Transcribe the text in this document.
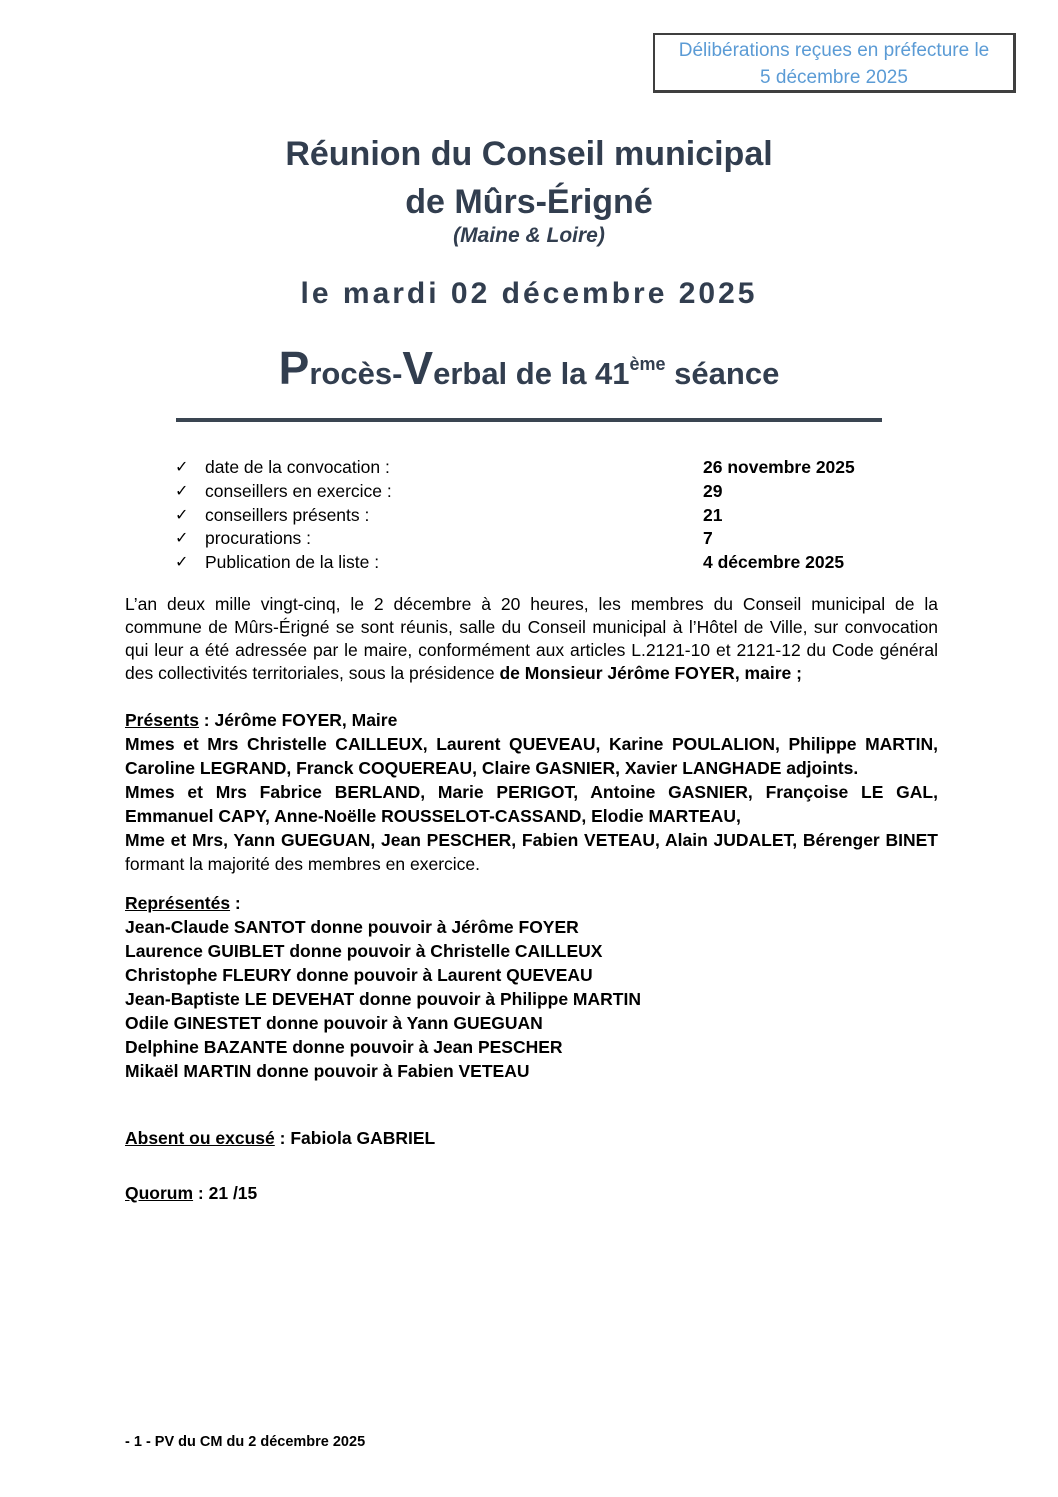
Délibérations reçues en préfecture le
5 décembre 2025
Réunion du Conseil municipal
de Mûrs-Érigné
(Maine & Loire)
le mardi 02 décembre 2025
Procès-Verbal de la 41ème séance
✓ date de la convocation :	26 novembre 2025
✓ conseillers en exercice :	29
✓ conseillers présents :	21
✓ procurations :	7
✓ Publication de la liste :	4 décembre 2025

L’an deux mille vingt-cinq, le 2 décembre à 20 heures, les membres du Conseil municipal de la commune de Mûrs-Érigné se sont réunis, salle du Conseil municipal à l’Hôtel de Ville, sur convocation qui leur a été adressée par le maire, conformément aux articles L.2121-10 et 2121-12 du Code général des collectivités territoriales, sous la présidence de Monsieur Jérôme FOYER, maire ;

Présents : Jérôme FOYER, Maire

Mmes et Mrs Christelle CAILLEUX, Laurent QUEVEAU, Karine POULALION, Philippe MARTIN, Caroline LEGRAND, Franck COQUEREAU, Claire GASNIER, Xavier LANGHADE adjoints.

Mmes et Mrs Fabrice BERLAND, Marie PERIGOT, Antoine GASNIER, Françoise LE GAL, Emmanuel CAPY, Anne-Noëlle ROUSSELOT-CASSAND, Elodie MARTEAU,

Mme et Mrs, Yann GUEGUAN, Jean PESCHER, Fabien VETEAU, Alain JUDALET, Bérenger BINET formant la majorité des membres en exercice.

Représentés :

Jean-Claude SANTOT donne pouvoir à Jérôme FOYER

Laurence GUIBLET donne pouvoir à Christelle CAILLEUX

Christophe FLEURY donne pouvoir à Laurent QUEVEAU

Jean-Baptiste LE DEVEHAT donne pouvoir à Philippe MARTIN

Odile GINESTET donne pouvoir à Yann GUEGUAN

Delphine BAZANTE donne pouvoir à Jean PESCHER

Mikaël MARTIN donne pouvoir à Fabien VETEAU

Absent ou excusé : Fabiola GABRIEL
Quorum : 21 /15
- 1 - PV du CM du 2 décembre 2025
